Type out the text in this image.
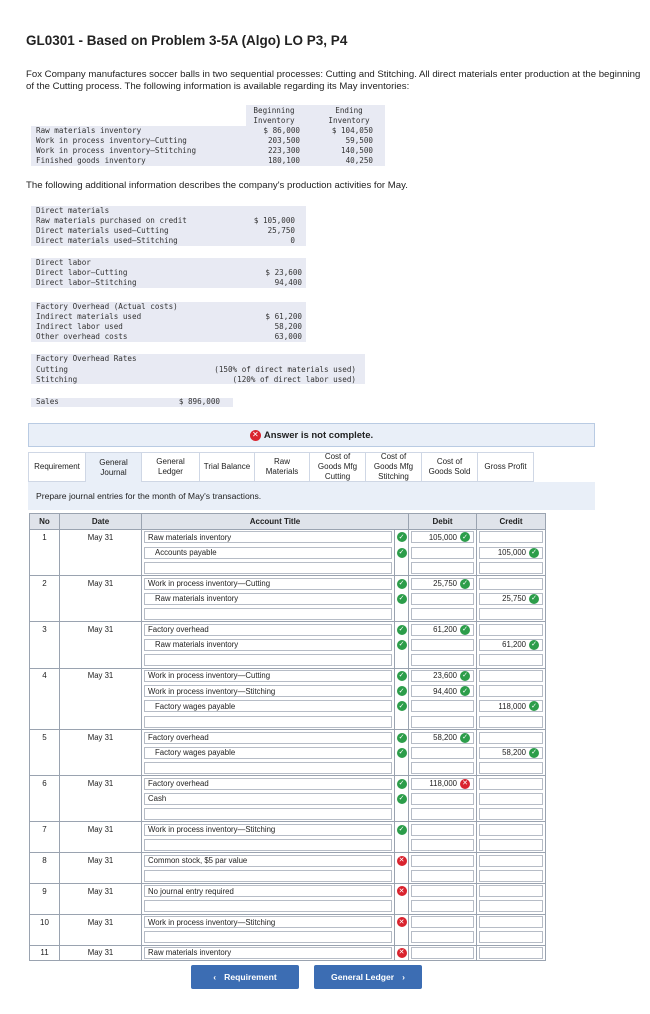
GL0301 - Based on Problem 3-5A (Algo) LO P3, P4
Fox Company manufactures soccer balls in two sequential processes: Cutting and Stitching. All direct materials enter production at the beginning of the Cutting process. The following information is available regarding its May inventories:
Beginning
Inventory
Ending
Inventory
Raw materials inventory	$ 86,000	$ 104,050
Work in process inventory—Cutting	203,500	59,500
Work in process inventory—Stitching	223,300	140,500
Finished goods inventory	180,100	40,250
The following additional information describes the company's production activities for May.
Direct materials
Raw materials purchased on credit	$ 105,000
Direct materials used—Cutting	25,750
Direct materials used—Stitching	0
Direct labor
Direct labor—Cutting	$ 23,600
Direct labor—Stitching	94,400
Factory Overhead (Actual costs)
Indirect materials used	$ 61,200
Indirect labor used	58,200
Other overhead costs	63,000
Factory Overhead Rates
Cutting	(150% of direct materials used)
Stitching	(120% of direct labor used)
Sales	$ 896,000
✕ Answer is not complete.
Requirement	General Journal
General Ledger
Trial Balance
Raw Materials
Cost of Goods Mfg Cutting
Cost of Goods Mfg Stitching
Cost of Goods Sold
Gross Profit
Prepare journal entries for the month of May's transactions.
No	Date	Account Title		Debit	Credit
1	May 31	Raw materials inventory	✓	105,000 ✓	

Accounts payable	✓		105,000 ✓

2	May 31	Work in process inventory—Cutting	✓	25,750 ✓	

Raw materials inventory	✓		25,750 ✓

3	May 31	Factory overhead	✓	61,200 ✓	

Raw materials inventory	✓		61,200 ✓

4	May 31	Work in process inventory—Cutting	✓	23,600 ✓	

Work in process inventory—Stitching	✓	94,400 ✓	

Factory wages payable	✓		118,000 ✓

5	May 31	Factory overhead	✓	58,200 ✓	

Factory wages payable	✓		58,200 ✓

6	May 31	Factory overhead	✓	118,000 ✕	

Cash	✓		

7	May 31	Work in process inventory—Stitching	✓		

8	May 31	Common stock, $5 par value	✕		

9	May 31	No journal entry required	✕		

10	May 31	Work in process inventory—Stitching	✕		

11	May 31	Raw materials inventory	✕		

‹ Requirement	General Ledger ›
